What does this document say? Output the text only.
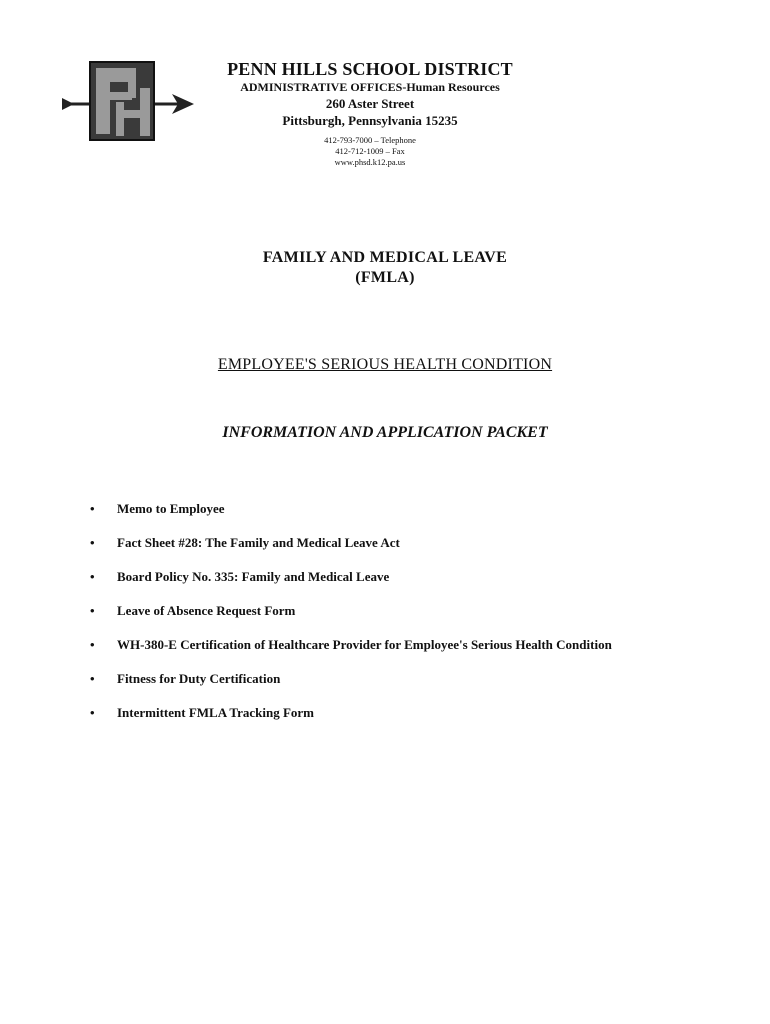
PENN HILLS SCHOOL DISTRICT
ADMINISTRATIVE OFFICES-Human Resources
260 Aster Street
Pittsburgh, Pennsylvania 15235
412-793-7000 – Telephone
412-712-1009 – Fax
www.phsd.k12.pa.us
FAMILY AND MEDICAL LEAVE
(FMLA)
EMPLOYEE'S SERIOUS HEALTH CONDITION
INFORMATION AND APPLICATION PACKET
• Memo to Employee
• Fact Sheet #28: The Family and Medical Leave Act
• Board Policy No. 335: Family and Medical Leave
• Leave of Absence Request Form
• WH-380-E Certification of Healthcare Provider for Employee's Serious Health Condition
• Fitness for Duty Certification
• Intermittent FMLA Tracking Form
